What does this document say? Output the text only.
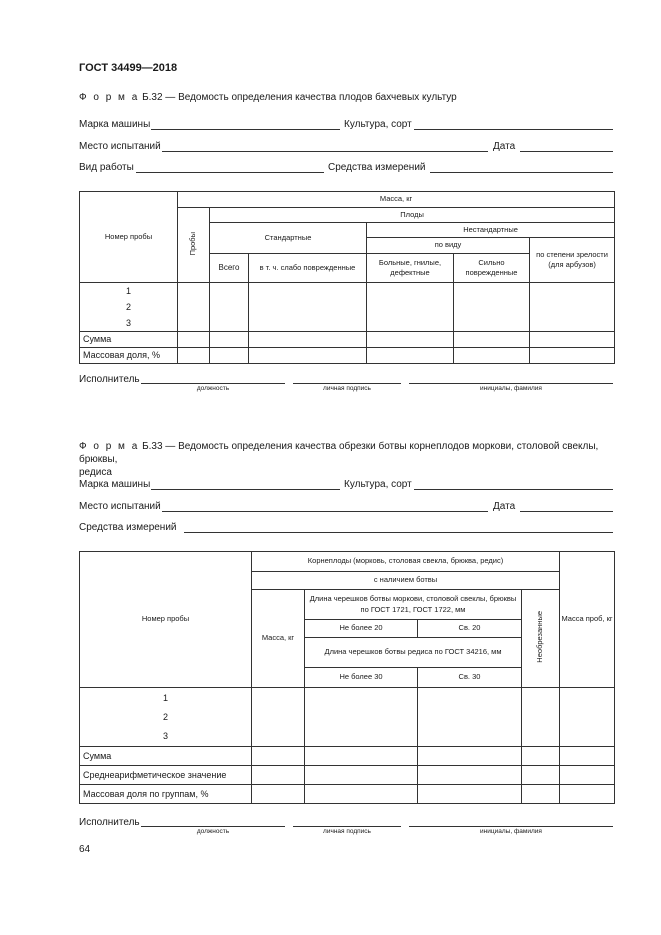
ГОСТ 34499—2018
Ф о р м а Б.32 — Ведомость определения качества плодов бахчевых культур
Марка машины	Культура, сорт
Место испытаний	Дата
Вид работы	Средства измерений
Номер пробы	Масса, кг					
	Пробы	Плоды				
		Стандартные		Нестандартные		
				по виду		по степени зрелости (для арбузов)
		Всего	в т. ч. слабо поврежденные	Больные, гнилые, дефектные	Сильно поврежденные	

1
2
3						

Сумма						
Массовая доля, %						
Исполнитель
должность	личная подпись	инициалы, фамилия
Ф о р м а Б.33 — Ведомость определения качества обрезки ботвы корнеплодов моркови, столовой свеклы, брюквы,
редиса
Марка машины	Культура, сорт
Место испытаний	Дата
Средства измерений
Номер пробы	Корнеплоды (морковь, столовая свекла, брюква, редис)				Масса проб, кг
	с наличием ботвы				
	Масса, кг	Длина черешков ботвы моркови, столовой свеклы, брюквы по ГОСТ 1721, ГОСТ 1722, мм		Необрезанные	
		Не более 20	Св. 20		
		Длина черешков ботвы редиса по ГОСТ 34216, мм			
		Не более 30	Св. 30		

1
2
3					

Сумма					
Среднеарифметическое значение					
Массовая доля по группам, %					
Исполнитель
должность	личная подпись	инициалы, фамилия
64
